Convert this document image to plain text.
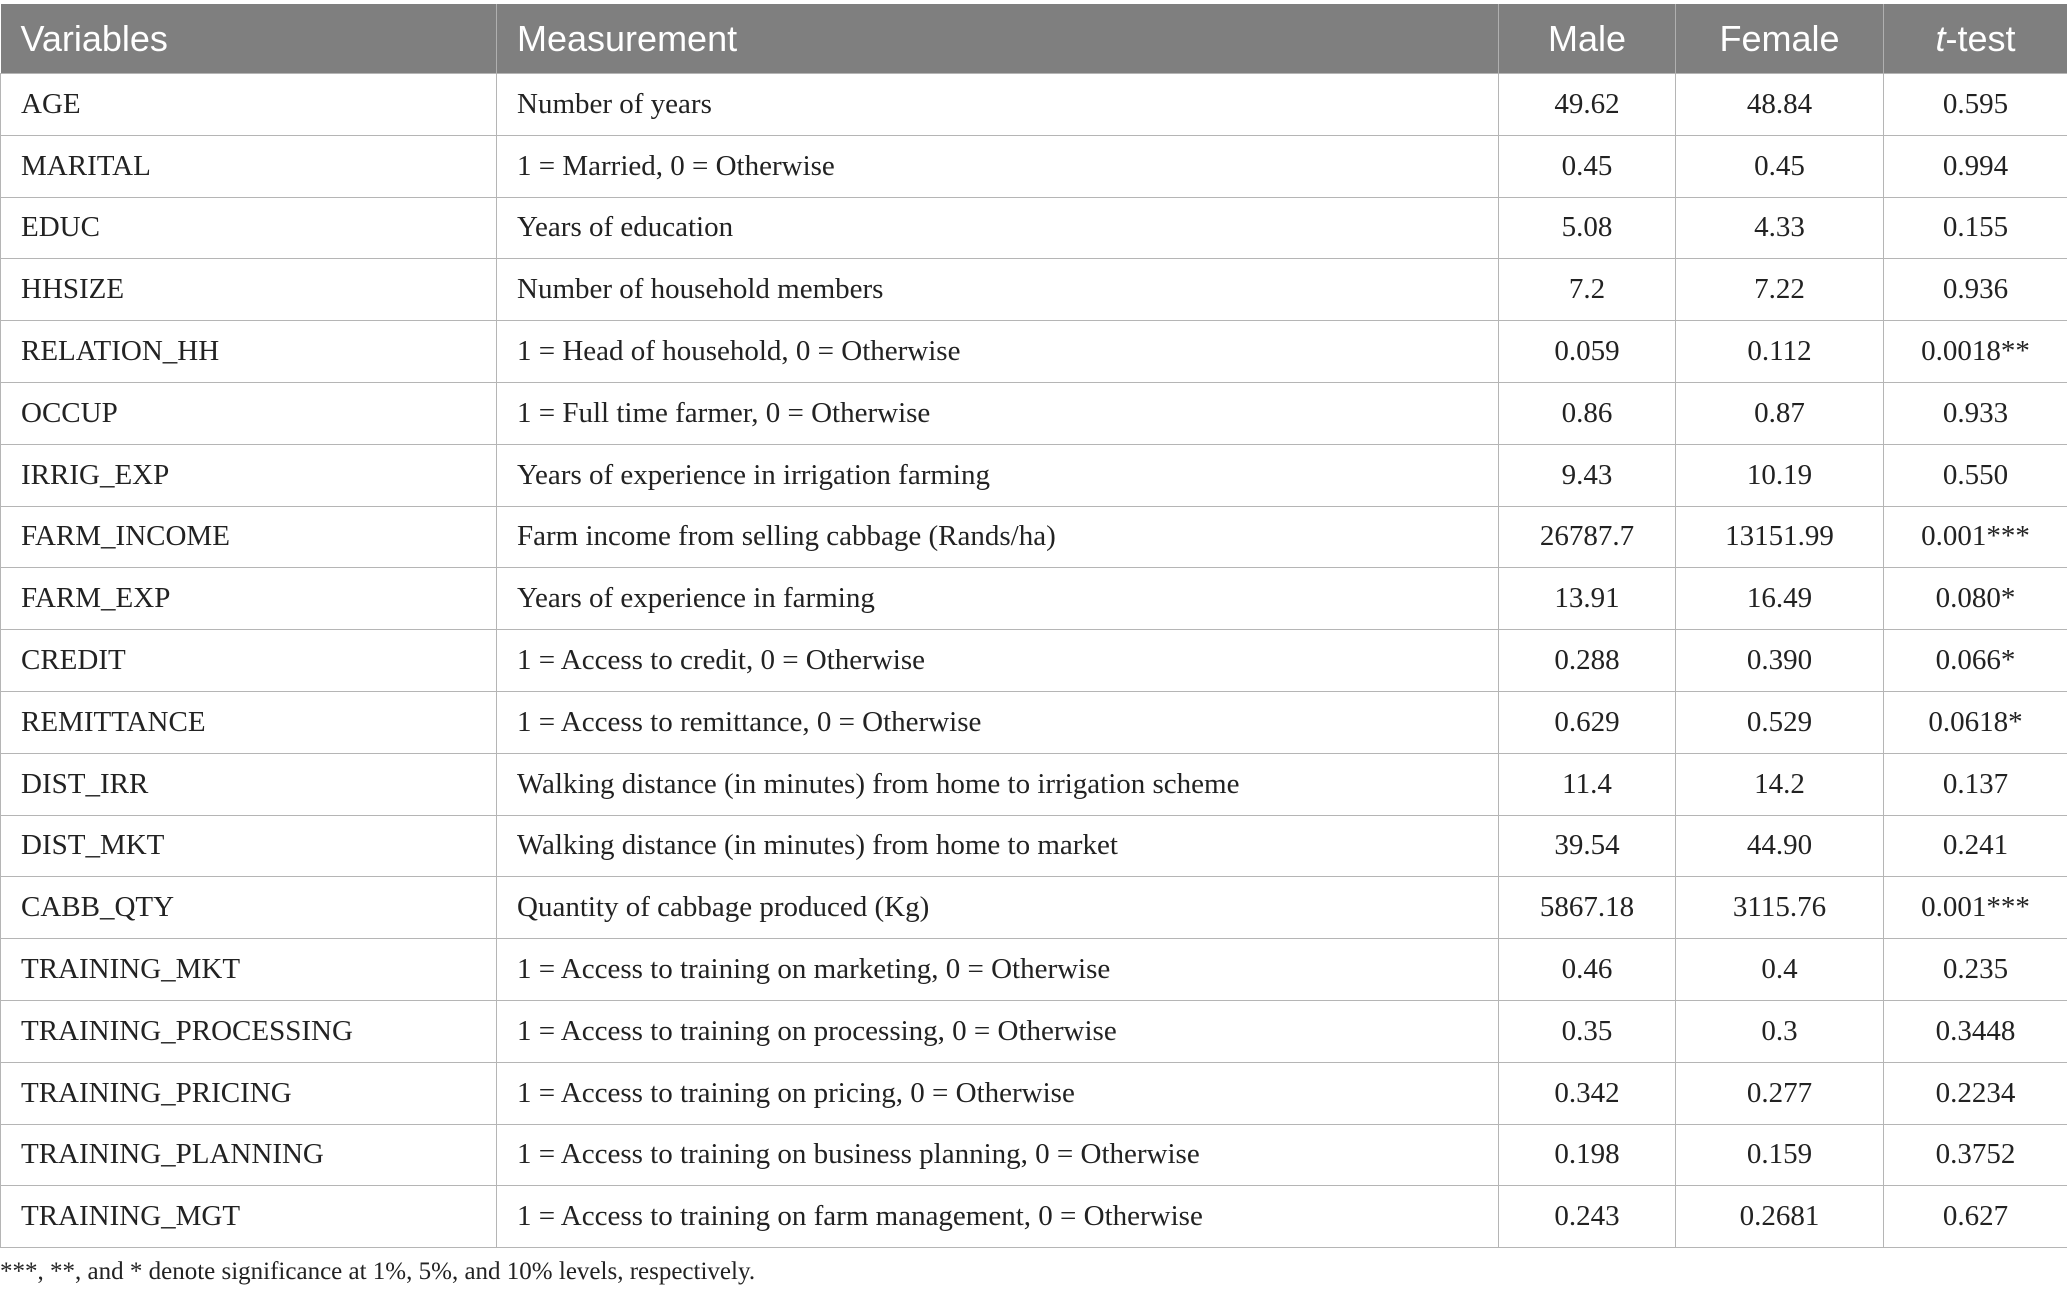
Variables	Measurement	Male	Female	t-test
AGE	Number of years	49.62	48.84	0.595
MARITAL	1 = Married, 0 = Otherwise	0.45	0.45	0.994
EDUC	Years of education	5.08	4.33	0.155
HHSIZE	Number of household members	7.2	7.22	0.936
RELATION_HH	1 = Head of household, 0 = Otherwise	0.059	0.112	0.0018**
OCCUP	1 = Full time farmer, 0 = Otherwise	0.86	0.87	0.933
IRRIG_EXP	Years of experience in irrigation farming	9.43	10.19	0.550
FARM_INCOME	Farm income from selling cabbage (Rands/ha)	26787.7	13151.99	0.001***
FARM_EXP	Years of experience in farming	13.91	16.49	0.080*
CREDIT	1 = Access to credit, 0 = Otherwise	0.288	0.390	0.066*
REMITTANCE	1 = Access to remittance, 0 = Otherwise	0.629	0.529	0.0618*
DIST_IRR	Walking distance (in minutes) from home to irrigation scheme	11.4	14.2	0.137
DIST_MKT	Walking distance (in minutes) from home to market	39.54	44.90	0.241
CABB_QTY	Quantity of cabbage produced (Kg)	5867.18	3115.76	0.001***
TRAINING_MKT	1 = Access to training on marketing, 0 = Otherwise	0.46	0.4	0.235
TRAINING_PROCESSING	1 = Access to training on processing, 0 = Otherwise	0.35	0.3	0.3448
TRAINING_PRICING	1 = Access to training on pricing, 0 = Otherwise	0.342	0.277	0.2234
TRAINING_PLANNING	1 = Access to training on business planning, 0 = Otherwise	0.198	0.159	0.3752
TRAINING_MGT	1 = Access to training on farm management, 0 = Otherwise	0.243	0.2681	0.627
***, **, and * denote significance at 1%, 5%, and 10% levels, respectively.
